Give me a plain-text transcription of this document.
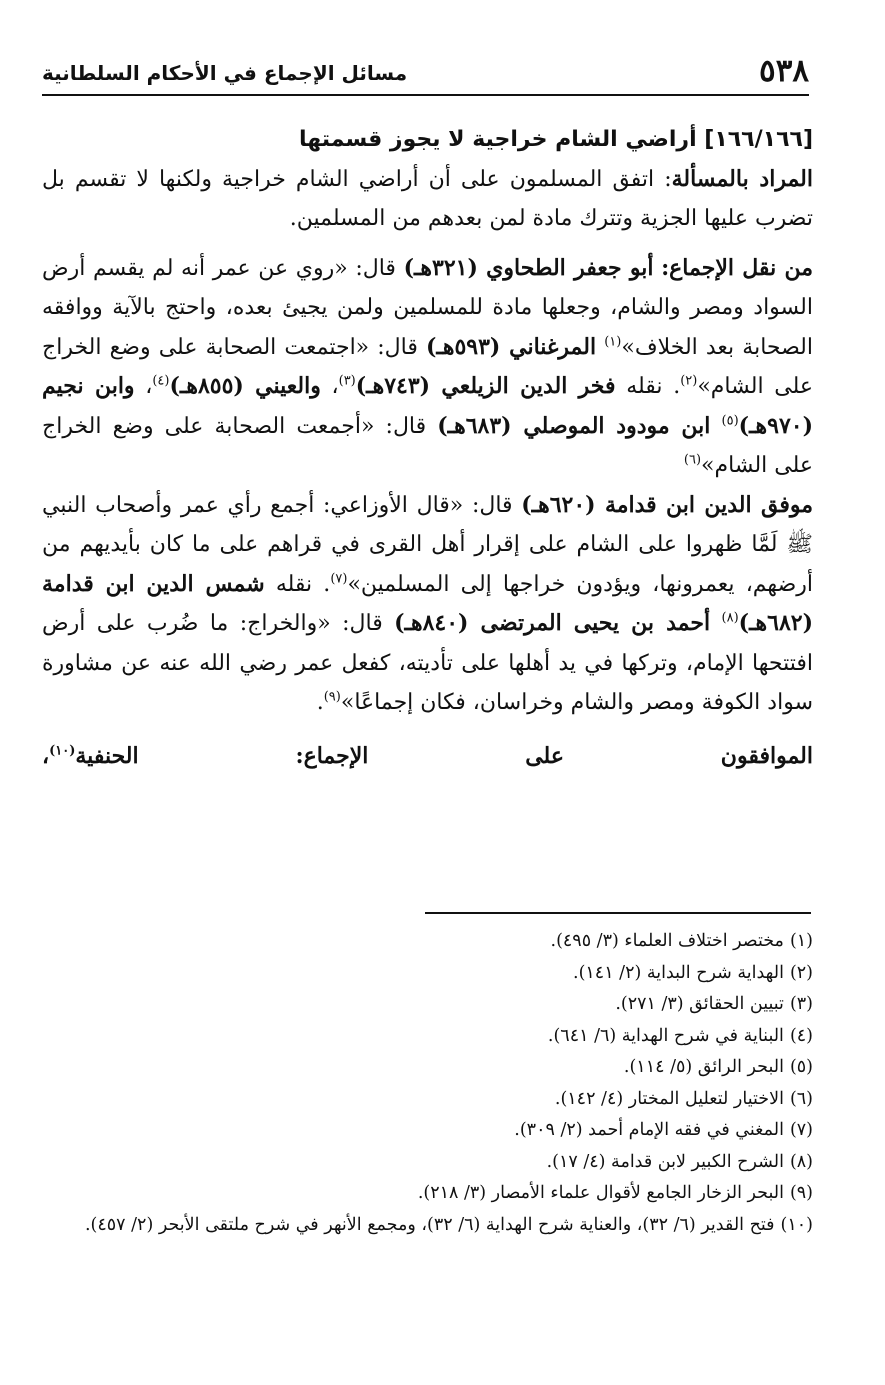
٥٣٨
مسائل الإجماع في الأحكام السلطانية

[١٦٦/١٦٦] أراضي الشام خراجية لا يجوز قسمتها

المراد بالمسألة: اتفق المسلمون على أن أراضي الشام خراجية ولكنها لا تقسم بل تضرب عليها الجزية وتترك مادة لمن بعدهم من المسلمين.

من نقل الإجماع: أبو جعفر الطحاوي (٣٢١هـ) قال: «روي عن عمر أنه لم يقسم أرض السواد ومصر والشام، وجعلها مادة للمسلمين ولمن يجيئ بعده، واحتج بالآية ووافقه الصحابة بعد الخلاف»$^{(١)}$ المرغناني (٥٩٣هـ) قال: «اجتمعت الصحابة على وضع الخراج على الشام»$^{(٢)}$. نقله فخر الدين الزيلعي (٧٤٣هـ)$^{(٣)}$، والعيني (٨٥٥هـ)$^{(٤)}$، وابن نجيم (٩٧٠هـ)$^{(٥)}$ ابن مودود الموصلي (٦٨٣هـ) قال: «أجمعت الصحابة على وضع الخراج على الشام»$^{(٦)}$

موفق الدين ابن قدامة (٦٢٠هـ) قال: «قال الأوزاعي: أجمع رأي عمر وأصحاب النبي ﷺ لَمَّا ظهروا على الشام على إقرار أهل القرى في قراهم على ما كان بأيديهم من أرضهم، يعمرونها، ويؤدون خراجها إلى المسلمين»$^{(٧)}$. نقله شمس الدين ابن قدامة (٦٨٢هـ)$^{(٨)}$ أحمد بن يحيى المرتضى (٨٤٠هـ) قال: «والخراج: ما ضُرب على أرض افتتحها الإمام، وتركها في يد أهلها على تأديته، كفعل عمر رضي الله عنه عن مشاورة سواد الكوفة ومصر والشام وخراسان، فكان إجماعًا»$^{(٩)}$.

الموافقون على الإجماع: الحنفية$^{(١٠)}$،

(١)مختصر اختلاف العلماء (٣/ ٤٩٥).
(٢)الهداية شرح البداية (٢/ ١٤١).
(٣)تبيين الحقائق (٣/ ٢٧١).
(٤)البناية في شرح الهداية (٦/ ٦٤١).
(٥)البحر الرائق (٥/ ١١٤).
(٦)الاختيار لتعليل المختار (٤/ ١٤٢).
(٧)المغني في فقه الإمام أحمد (٢/ ٣٠٩).
(٨)الشرح الكبير لابن قدامة (٤/ ١٧).
(٩)البحر الزخار الجامع لأقوال علماء الأمصار (٣/ ٢١٨).
(١٠)فتح القدير (٦/ ٣٢)، والعناية شرح الهداية (٦/ ٣٢)، ومجمع الأنهر في شرح ملتقى الأبحر (٢/ ٤٥٧).
